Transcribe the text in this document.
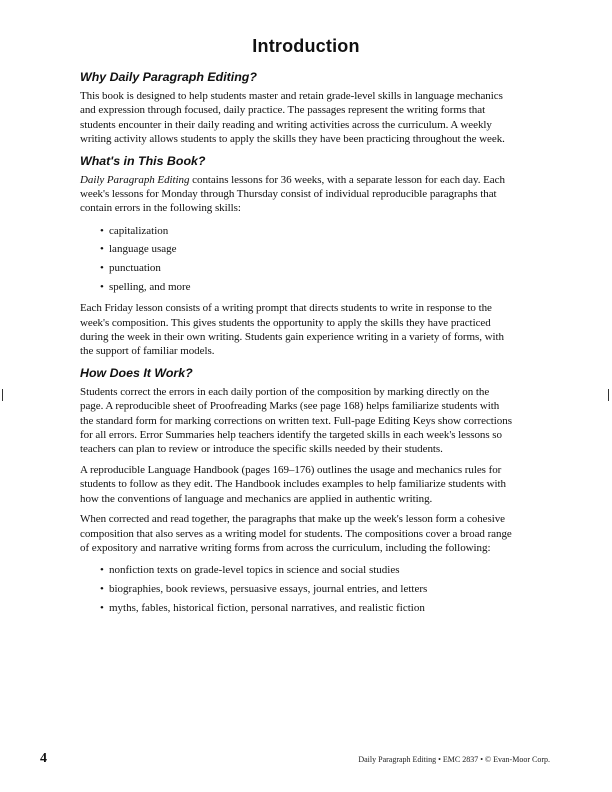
Introduction
Why Daily Paragraph Editing?

This book is designed to help students master and retain grade-level skills in language mechanics and expression through focused, daily practice. The passages represent the writing forms that students encounter in their daily reading and writing activities across the curriculum. A weekly writing activity allows students to apply the skills they have been practicing throughout the week.

What's in This Book?

Daily Paragraph Editing contains lessons for 36 weeks, with a separate lesson for each day. Each week's lessons for Monday through Thursday consist of individual reproducible paragraphs that contain errors in the following skills:

• capitalization
• language usage
• punctuation
• spelling, and more

Each Friday lesson consists of a writing prompt that directs students to write in response to the week's composition. This gives students the opportunity to apply the skills they have practiced during the week in their own writing. Students gain experience writing in a variety of forms, with the support of familiar models.

How Does It Work?

Students correct the errors in each daily portion of the composition by marking directly on the page. A reproducible sheet of Proofreading Marks (see page 168) helps familiarize students with the standard form for marking corrections on written text. Full-page Editing Keys show corrections for all errors. Error Summaries help teachers identify the targeted skills in each week's lessons so teachers can plan to review or introduce the specific skills needed by their students.

A reproducible Language Handbook (pages 169–176) outlines the usage and mechanics rules for students to follow as they edit. The Handbook includes examples to help familiarize students with how the conventions of language and mechanics are applied in authentic writing.

When corrected and read together, the paragraphs that make up the week's lesson form a cohesive composition that also serves as a writing model for students. The compositions cover a broad range of expository and narrative writing forms from across the curriculum, including the following:

• nonfiction texts on grade-level topics in science and social studies
• biographies, book reviews, persuasive essays, journal entries, and letters
• myths, fables, historical fiction, personal narratives, and realistic fiction
4	Daily Paragraph Editing • EMC 2837 • © Evan-Moor Corp.
